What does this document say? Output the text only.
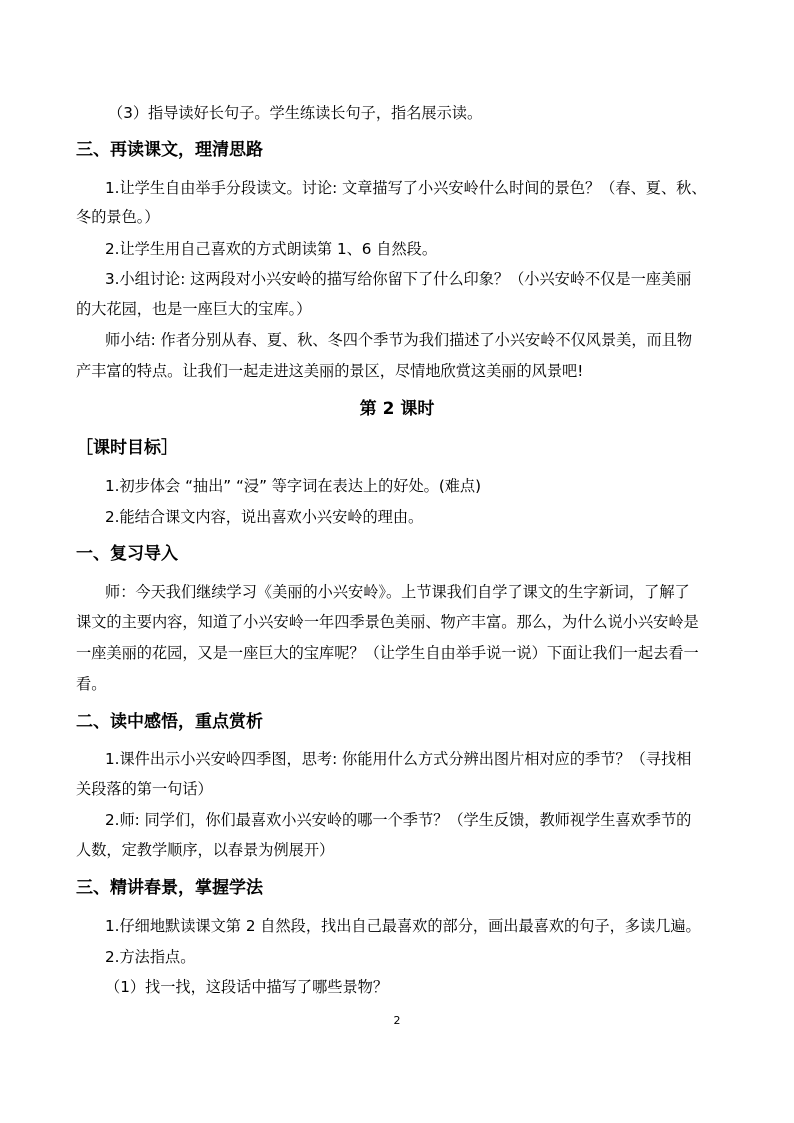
（3）指导读好长句子。学生练读长句子，指名展示读。
三、再读课文，理清思路
1.让学生自由举手分段读文。讨论: 文章描写了小兴安岭什么时间的景色？（春、夏、秋、
冬的景色。）
2.让学生用自己喜欢的方式朗读第 1、6 自然段。
3.小组讨论: 这两段对小兴安岭的描写给你留下了什么印象？（小兴安岭不仅是一座美丽
的大花园，也是一座巨大的宝库。）
师小结: 作者分别从春、夏、秋、冬四个季节为我们描述了小兴安岭不仅风景美，而且物
产丰富的特点。让我们一起走进这美丽的景区，尽情地欣赏这美丽的风景吧!
第 2 课时
［课时目标］
1.初步体会 “抽出” “浸” 等字词在表达上的好处。(难点)
2.能结合课文内容，说出喜欢小兴安岭的理由。
一、复习导入
师：今天我们继续学习《美丽的小兴安岭》。上节课我们自学了课文的生字新词，了解了
课文的主要内容，知道了小兴安岭一年四季景色美丽、物产丰富。那么，为什么说小兴安岭是
一座美丽的花园，又是一座巨大的宝库呢？（让学生自由举手说一说）下面让我们一起去看一
看。
二、读中感悟，重点赏析
1.课件出示小兴安岭四季图，思考: 你能用什么方式分辨出图片相对应的季节？（寻找相
关段落的第一句话）
2.师: 同学们，你们最喜欢小兴安岭的哪一个季节？（学生反馈，教师视学生喜欢季节的
人数，定教学顺序，以春景为例展开）
三、精讲春景，掌握学法
1.仔细地默读课文第 2 自然段，找出自己最喜欢的部分，画出最喜欢的句子，多读几遍。
2.方法指点。
（1）找一找，这段话中描写了哪些景物？
2
